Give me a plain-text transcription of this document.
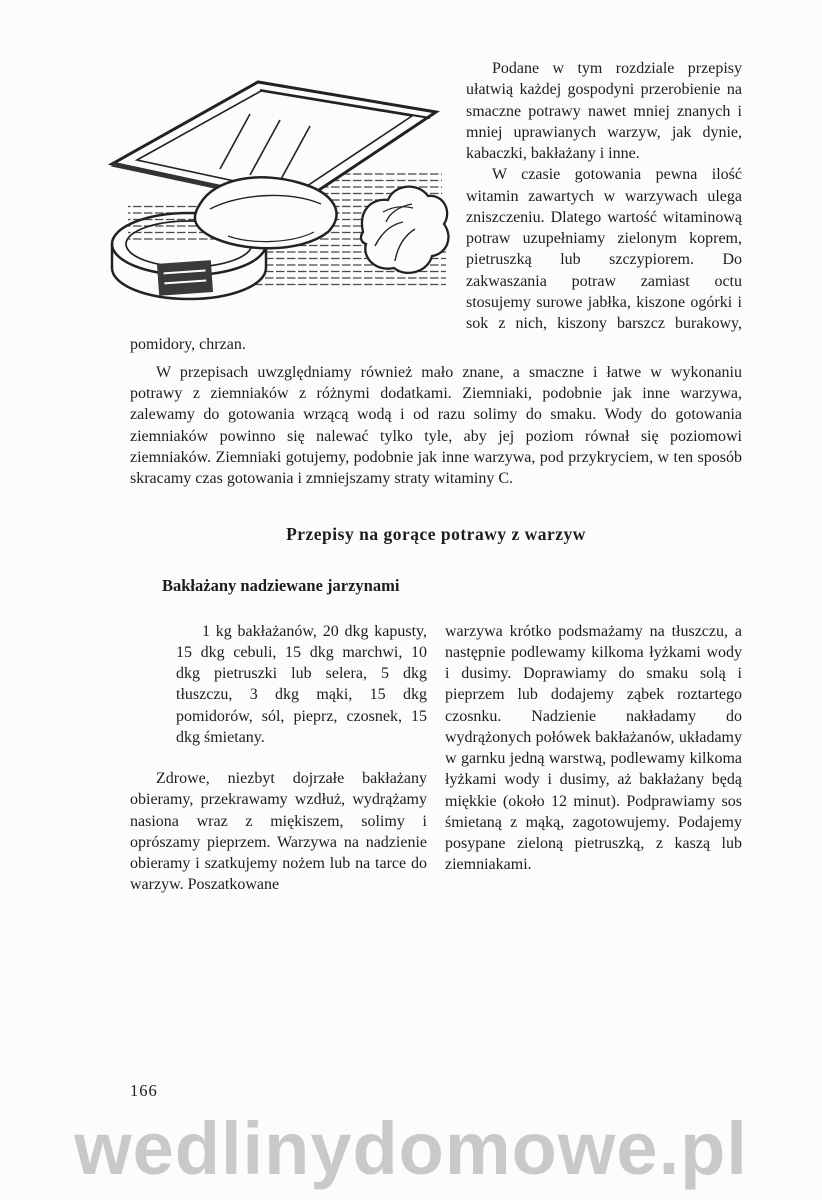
Podane w tym rozdziale przepisy ułatwią każdej gospodyni przerobienie na smaczne potrawy nawet mniej znanych i mniej uprawianych warzyw, jak dynie, kabaczki, bakłażany i inne.

W czasie gotowania pewna ilość witamin zawartych w warzywach ulega zniszczeniu. Dlatego wartość witaminową potraw uzupełniamy zielonym koprem, pietruszką lub szczypiorem. Do zakwaszania potraw zamiast octu stosujemy surowe jabłka, kiszone ogórki i sok z nich, kiszony barszcz burakowy, pomidory, chrzan.

W przepisach uwzględniamy również mało znane, a smaczne i łatwe w wykonaniu potrawy z ziemniaków z różnymi dodatkami. Ziemniaki, podobnie jak inne warzywa, zalewamy do gotowania wrzącą wodą i od razu solimy do smaku. Wody do gotowania ziemniaków powinno się nalewać tylko tyle, aby jej poziom równał się poziomowi ziemniaków. Ziemniaki gotujemy, podobnie jak inne warzywa, pod przykryciem, w ten sposób skracamy czas gotowania i zmniejszamy straty witaminy C.

Przepisy na gorące potrawy z warzyw
Bakłażany nadziewane jarzynami

1 kg bakłażanów, 20 dkg kapusty, 15 dkg cebuli, 15 dkg marchwi, 10 dkg pietruszki lub selera, 5 dkg tłuszczu, 3 dkg mąki, 15 dkg pomidorów, sól, pieprz, czosnek, 15 dkg śmietany.

Zdrowe, niezbyt dojrzałe bakłażany obieramy, przekrawamy wzdłuż, wydrążamy nasiona wraz z miękiszem, solimy i oprószamy pieprzem. Warzywa na nadzienie obieramy i szatkujemy nożem lub na tarce do warzyw. Poszatkowane

warzywa krótko podsmażamy na tłuszczu, a następnie podlewamy kilkoma łyżkami wody i dusimy. Doprawiamy do smaku solą i pieprzem lub dodajemy ząbek roztartego czosnku. Nadzienie nakładamy do wydrążonych połówek bakłażanów, układamy w garnku jedną warstwą, podlewamy kilkoma łyżkami wody i dusimy, aż bakłażany będą miękkie (około 12 minut). Podprawiamy sos śmietaną z mąką, zagotowujemy. Podajemy posypane zieloną pietruszką, z kaszą lub ziemniakami.

166
wedlinydomowe.pl
